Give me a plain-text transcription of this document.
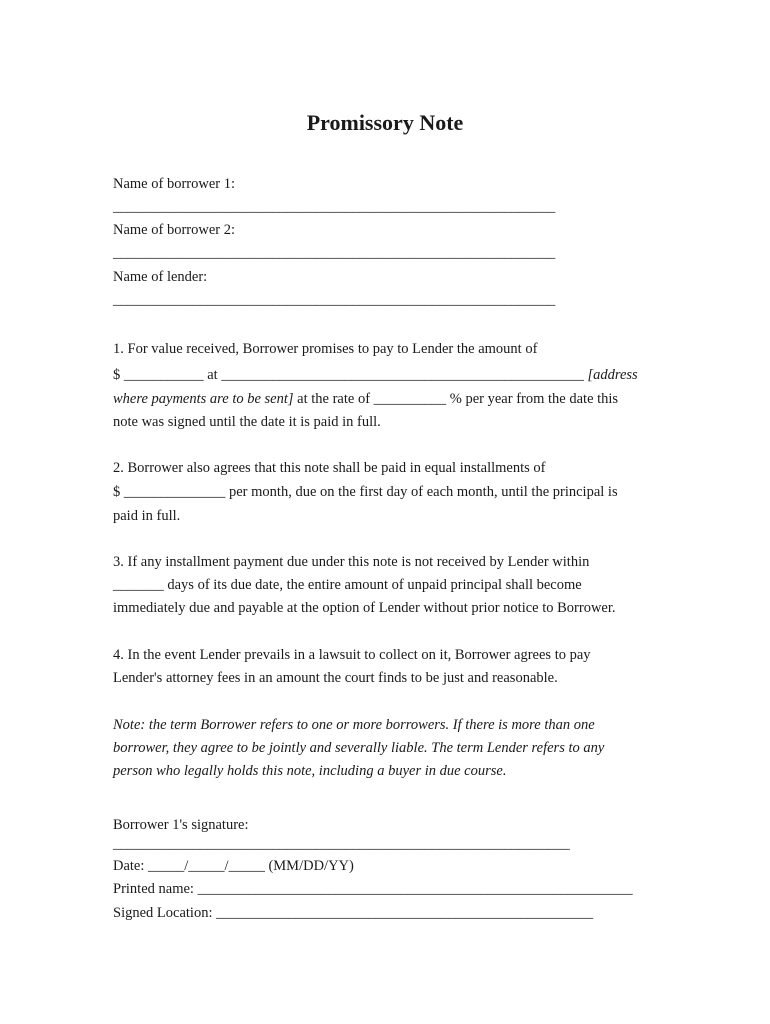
Promissory Note

Name of borrower 1:

_____________________________________________________________

Name of borrower 2:

_____________________________________________________________

Name of lender:

_____________________________________________________________

1. For value received, Borrower promises to pay to Lender the amount of

$ ___________ at __________________________________________________ [address

where payments are to be sent] at the rate of __________ % per year from the date this

note was signed until the date it is paid in full.

2. Borrower also agrees that this note shall be paid in equal installments of

$ ______________ per month, due on the first day of each month, until the principal is

paid in full.

3. If any installment payment due under this note is not received by Lender within

_______ days of its due date, the entire amount of unpaid principal shall become

immediately due and payable at the option of Lender without prior notice to Borrower.

4. In the event Lender prevails in a lawsuit to collect on it, Borrower agrees to pay

Lender's attorney fees in an amount the court finds to be just and reasonable.

Note: the term Borrower refers to one or more borrowers. If there is more than one

borrower, they agree to be jointly and severally liable. The term Lender refers to any

person who legally holds this note, including a buyer in due course.

Borrower 1's signature:

_______________________________________________________________

Date: _____/_____/_____ (MM/DD/YY)

Printed name: ____________________________________________________________

Signed Location: ____________________________________________________
